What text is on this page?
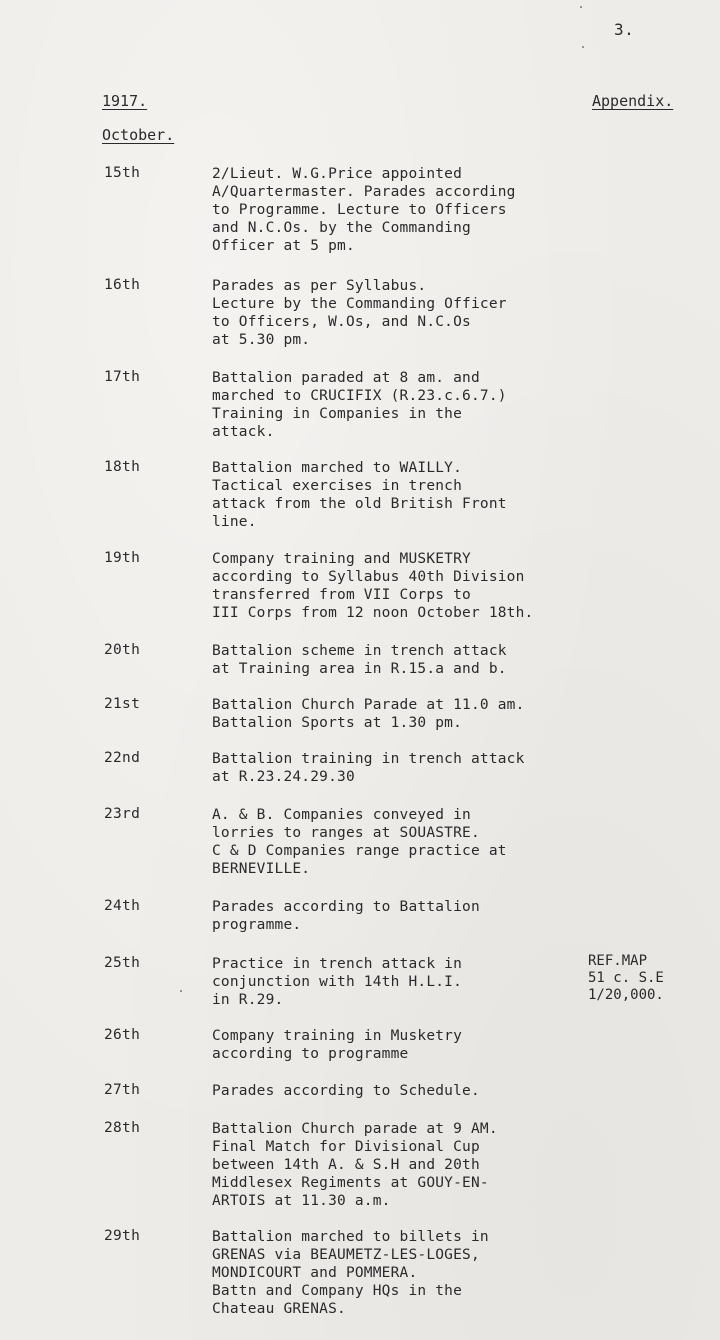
3.
1917.	Appendix.
October.
15th	2/Lieut. W.G.Price appointed
A/Quartermaster. Parades according
to Programme. Lecture to Officers
and N.C.Os. by the Commanding
Officer at 5 pm.
16th	Parades as per Syllabus.
Lecture by the Commanding Officer
to Officers, W.Os, and N.C.Os
at 5.30 pm.
17th	Battalion paraded at 8 am. and
marched to CRUCIFIX (R.23.c.6.7.)
Training in Companies in the
attack.
18th	Battalion marched to WAILLY.
Tactical exercises in trench
attack from the old British Front
line.
19th	Company training and MUSKETRY
according to Syllabus 40th Division
transferred from VII Corps to
III Corps from 12 noon October 18th.
20th	Battalion scheme in trench attack
at Training area in R.15.a and b.
21st	Battalion Church Parade at 11.0 am.
Battalion Sports at 1.30 pm.
22nd	Battalion training in trench attack
at R.23.24.29.30
23rd	A. & B. Companies conveyed in
lorries to ranges at SOUASTRE.
C & D Companies range practice at
BERNEVILLE.
24th	Parades according to Battalion
programme.
25th	Practice in trench attack in
conjunction with 14th H.L.I.
in R.29.
26th	Company training in Musketry
according to programme
27th	Parades according to Schedule.
28th	Battalion Church parade at 9 AM.
Final Match for Divisional Cup
between 14th A. & S.H and 20th
Middlesex Regiments at GOUY-EN-
ARTOIS at 11.30 a.m.
29th	Battalion marched to billets in
GRENAS via BEAUMETZ-LES-LOGES,
MONDICOURT and POMMERA.
Battn and Company HQs in the
Chateau GRENAS.
REF.MAP
51 c. S.E
1/20,000.
